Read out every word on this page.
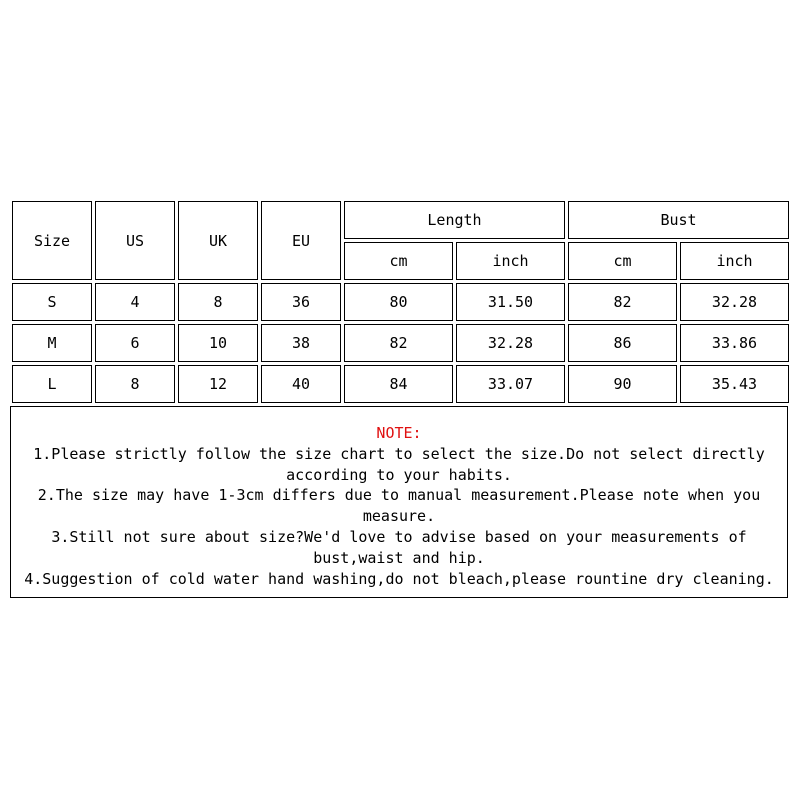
Size	US	UK	EU	Length		Bust	
				cm	inch	cm	inch
S	4	8	36	80	31.50	82	32.28
M	6	10	38	82	32.28	86	33.86
L	8	12	40	84	33.07	90	35.43
NOTE:
1.Please strictly follow the size chart to select the size.Do not select directly
according to your habits.
2.The size may have 1-3cm differs due to manual measurement.Please note when you
measure.
3.Still not sure about size?We'd love to advise based on your measurements of
bust,waist and hip.
4.Suggestion of cold water hand washing,do not bleach,please rountine dry cleaning.
